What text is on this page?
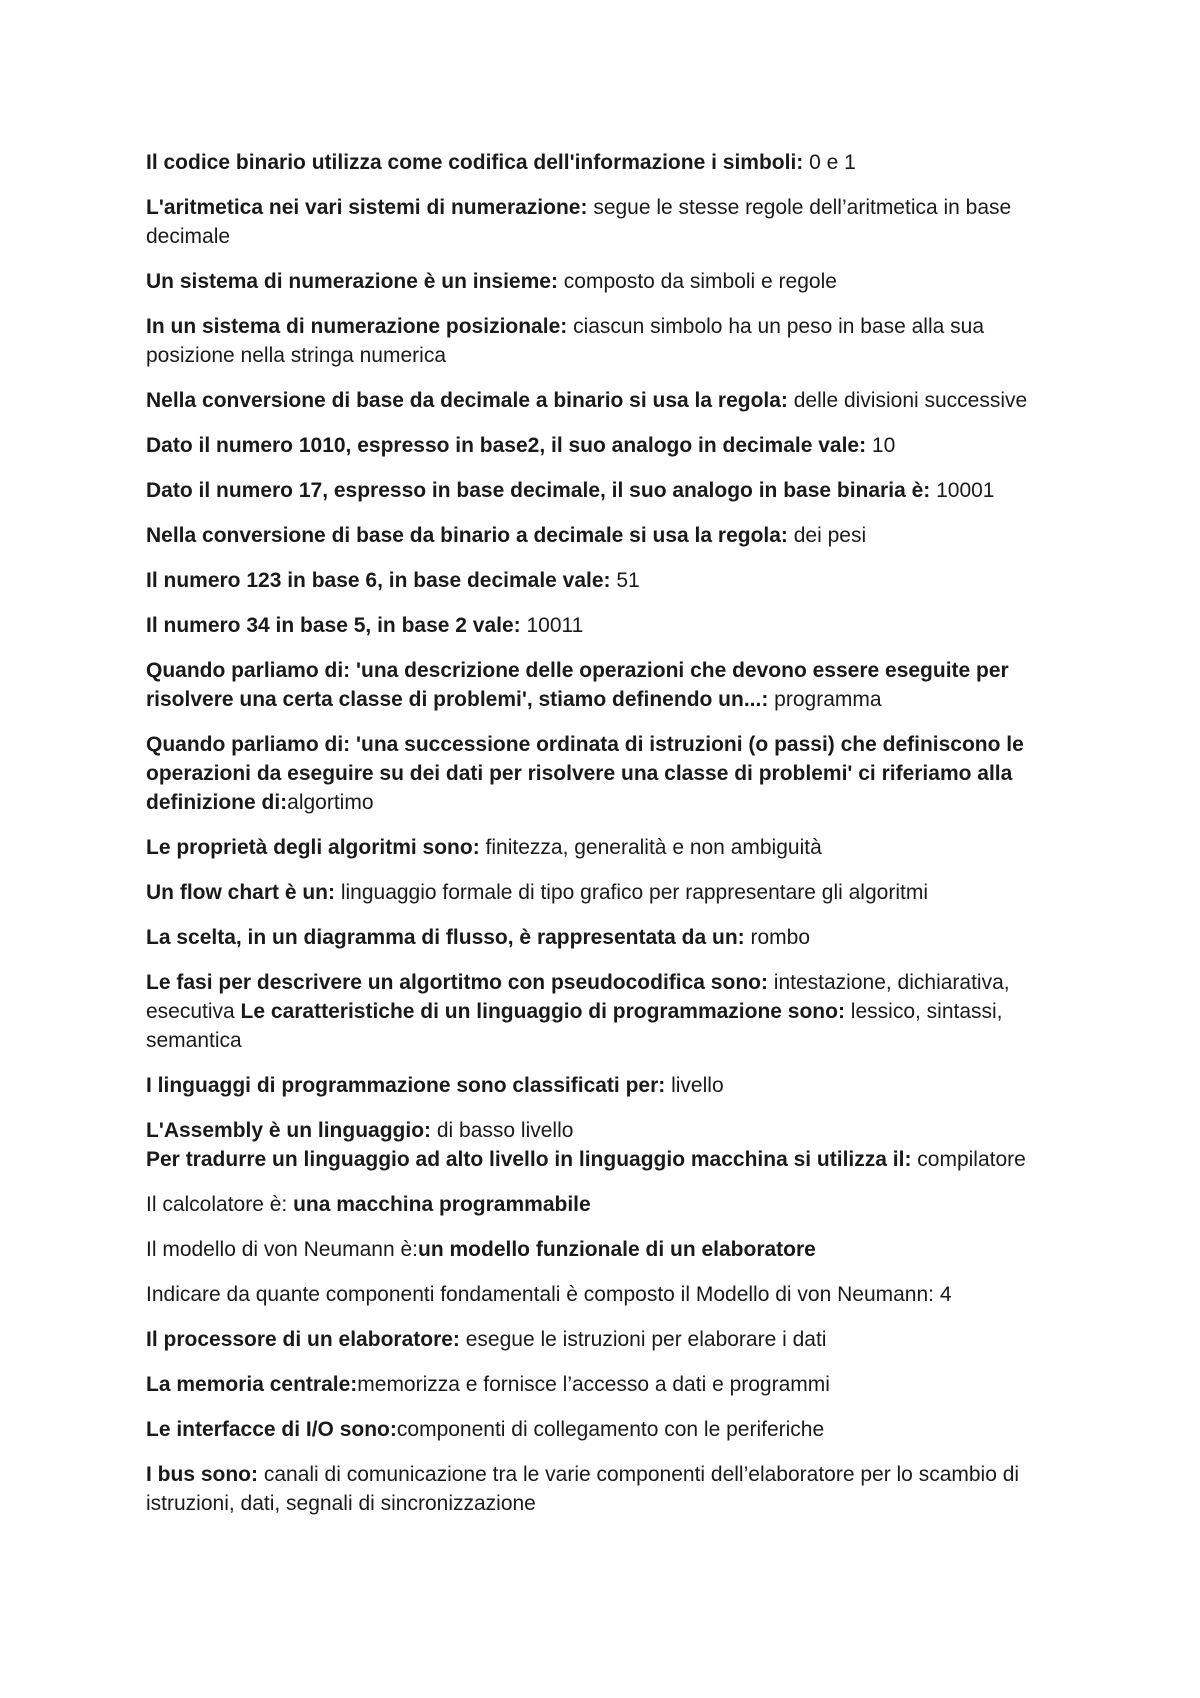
Il codice binario utilizza come codifica dell'informazione i simboli: 0 e 1

L'aritmetica nei vari sistemi di numerazione: segue le stesse regole dell’aritmetica in base decimale

Un sistema di numerazione è un insieme: composto da simboli e regole

In un sistema di numerazione posizionale: ciascun simbolo ha un peso in base alla sua posizione nella stringa numerica

Nella conversione di base da decimale a binario si usa la regola: delle divisioni successive

Dato il numero 1010, espresso in base2, il suo analogo in decimale vale: 10

Dato il numero 17, espresso in base decimale, il suo analogo in base binaria è: 10001

Nella conversione di base da binario a decimale si usa la regola: dei pesi

Il numero 123 in base 6, in base decimale vale: 51

Il numero 34 in base 5, in base 2 vale: 10011

Quando parliamo di: 'una descrizione delle operazioni che devono essere eseguite per risolvere una certa classe di problemi', stiamo definendo un...: programma

Quando parliamo di: 'una successione ordinata di istruzioni (o passi) che definiscono le operazioni da eseguire su dei dati per risolvere una classe di problemi' ci riferiamo alla definizione di:algortimo

Le proprietà degli algoritmi sono: finitezza, generalità e non ambiguità

Un flow chart è un: linguaggio formale di tipo grafico per rappresentare gli algoritmi

La scelta, in un diagramma di flusso, è rappresentata da un: rombo

Le fasi per descrivere un algortitmo con pseudocodifica sono: intestazione, dichiarativa, esecutiva Le caratteristiche di un linguaggio di programmazione sono: lessico, sintassi, semantica

I linguaggi di programmazione sono classificati per: livello

L'Assembly è un linguaggio: di basso livello

Per tradurre un linguaggio ad alto livello in linguaggio macchina si utilizza il: compilatore

Il calcolatore è: una macchina programmabile

Il modello di von Neumann è:un modello funzionale di un elaboratore

Indicare da quante componenti fondamentali è composto il Modello di von Neumann: 4

Il processore di un elaboratore: esegue le istruzioni per elaborare i dati

La memoria centrale:memorizza e fornisce l’accesso a dati e programmi

Le interfacce di I/O sono:componenti di collegamento con le periferiche

I bus sono: canali di comunicazione tra le varie componenti dell’elaboratore per lo scambio di istruzioni, dati, segnali di sincronizzazione
